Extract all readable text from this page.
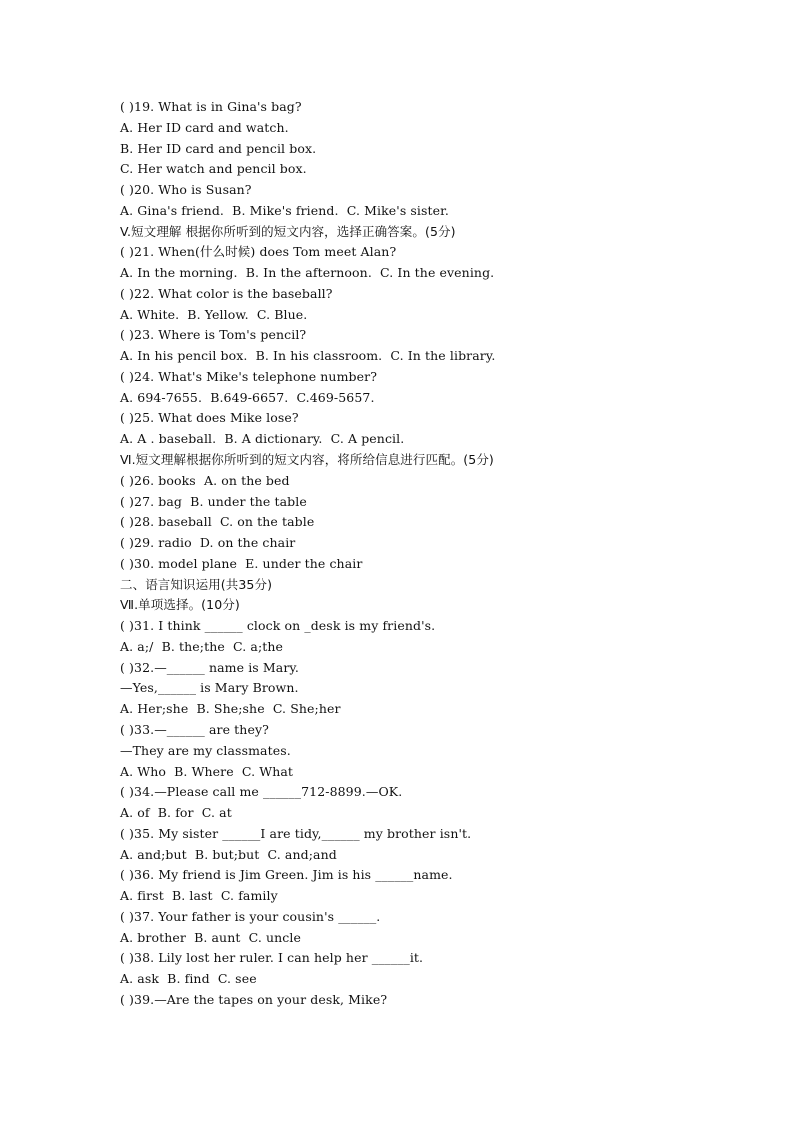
( )19. What is in Gina's bag?
A. Her ID card and watch.
B. Her ID card and pencil box.
C. Her watch and pencil box.
( )20. Who is Susan?
A. Gina's friend.  B. Mike's friend.  C. Mike's sister.
V.短文理解 根据你所听到的短文内容，选择正确答案。(5分)
( )21. When(什么时候) does Tom meet Alan?
A. In the morning.  B. In the afternoon.  C. In the evening.
( )22. What color is the baseball?
A. White.  B. Yellow.  C. Blue.
( )23. Where is Tom's pencil?
A. In his pencil box.  B. In his classroom.  C. In the library.
( )24. What's Mike's telephone number?
A. 694-7655.  B.649-6657.  C.469-5657.
( )25. What does Mike lose?
A. A . baseball.  B. A dictionary.  C. A pencil.
Ⅵ.短文理解根据你所听到的短文内容，将所给信息进行匹配。(5分)
( )26. books  A. on the bed
( )27. bag  B. under the table
( )28. baseball  C. on the table
( )29. radio  D. on the chair
( )30. model plane  E. under the chair
二、语言知识运用(共35分)
Ⅶ.单项选择。(10分)
( )31. I think ______ clock on _desk is my friend's.
A. a;/  B. the;the  C. a;the
( )32.—______ name is Mary.
—Yes,______ is Mary Brown.
A. Her;she  B. She;she  C. She;her
( )33.—______ are they?
—They are my classmates.
A. Who  B. Where  C. What
( )34.—Please call me ______712-8899.—OK.
A. of  B. for  C. at
( )35. My sister ______I are tidy,______ my brother isn't.
A. and;but  B. but;but  C. and;and
( )36. My friend is Jim Green. Jim is his ______name.
A. first  B. last  C. family
( )37. Your father is your cousin's ______.
A. brother  B. aunt  C. uncle
( )38. Lily lost her ruler. I can help her ______it.
A. ask  B. find  C. see
( )39.—Are the tapes on your desk, Mike?
